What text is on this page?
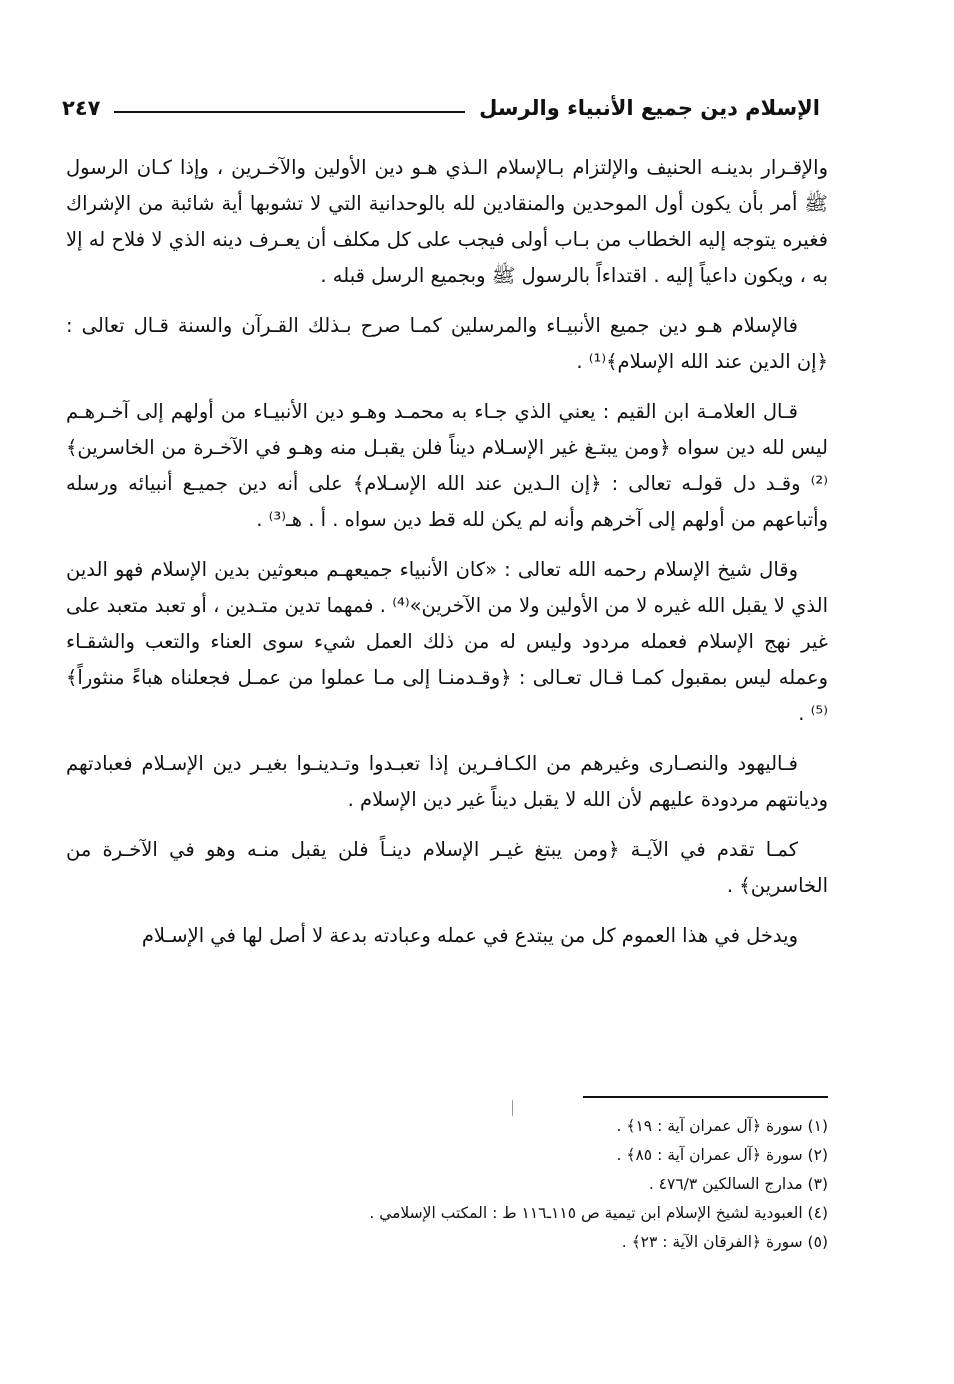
الإسلام دين جميع الأنبياء والرسل
٢٤٧

والإقـرار بدينـه الحنيف والإلتزام بـالإسلام الـذي هـو دين الأولين والآخـرين ، وإذا كـان الرسول ﷺ أمر بأن يكون أول الموحدين والمنقادين لله بالوحدانية التي لا تشوبها أية شائبة من الإشراك فغيره يتوجه إليه الخطاب من بـاب أولى فيجب على كل مكلف أن يعـرف دينه الذي لا فلاح له إلا به ، ويكون داعياً إليه . اقتداءاً بالرسول ﷺ وبجميع الرسل قبله .

فالإسلام هـو دين جميع الأنبيـاء والمرسلين كمـا صرح بـذلك القـرآن والسنة قـال تعالى : ﴿إن الدين عند الله الإسلام﴾⁽¹⁾ .

قـال العلامـة ابن القيم : يعني الذي جـاء به محمـد وهـو دين الأنبيـاء من أولهم إلى آخـرهـم ليس لله دين سواه ﴿ومن يبتـغ غير الإسـلام ديناً فلن يقبـل منه وهـو في الآخـرة من الخاسرين﴾⁽²⁾ وقـد دل قولـه تعالى : ﴿إن الـدين عند الله الإسـلام﴾ على أنه دين جميـع أنبيائه ورسله وأتباعهم من أولهم إلى آخرهم وأنه لم يكن لله قط دين سواه . أ . هـ⁽³⁾ .

وقال شيخ الإسلام رحمه الله تعالى : «كان الأنبياء جميعهـم مبعوثين بدين الإسلام فهو الدين الذي لا يقبل الله غيره لا من الأولين ولا من الآخرين»⁽⁴⁾ . فمهما تدين متـدين ، أو تعبد متعبد على غير نهج الإسلام فعمله مردود وليس له من ذلك العمل شيء سوى العناء والتعب والشقـاء وعمله ليس بمقبول كمـا قـال تعـالى : ﴿وقـدمنـا إلى مـا عملوا من عمـل فجعلناه هباءً منثوراً﴾⁽⁵⁾ .

فـاليهود والنصـارى وغيرهم من الكـافـرين إذا تعبـدوا وتـدينـوا بغيـر دين الإسـلام فعبادتهم وديانتهم مردودة عليهم لأن الله لا يقبل ديناً غير دين الإسلام .

كمـا تقدم في الآيـة ﴿ومن يبتغ غيـر الإسلام دينـاً فلن يقبل منـه وهو في الآخـرة من الخاسرين﴾ .

ويدخل في هذا العموم كل من يبتدع في عمله وعبادته بدعة لا أصل لها في الإسـلام

(١) سورة ﴿آل عمران آية : ١٩﴾ .
(٢) سورة ﴿آل عمران آية : ٨٥﴾ .
(٣) مدارج السالكين ٤٧٦/٣ .
(٤) العبودية لشيخ الإسلام ابن تيمية ص ١١٥ـ١١٦ ط : المكتب الإسلامي .
(٥) سورة ﴿الفرقان الآية : ٢٣﴾ .
